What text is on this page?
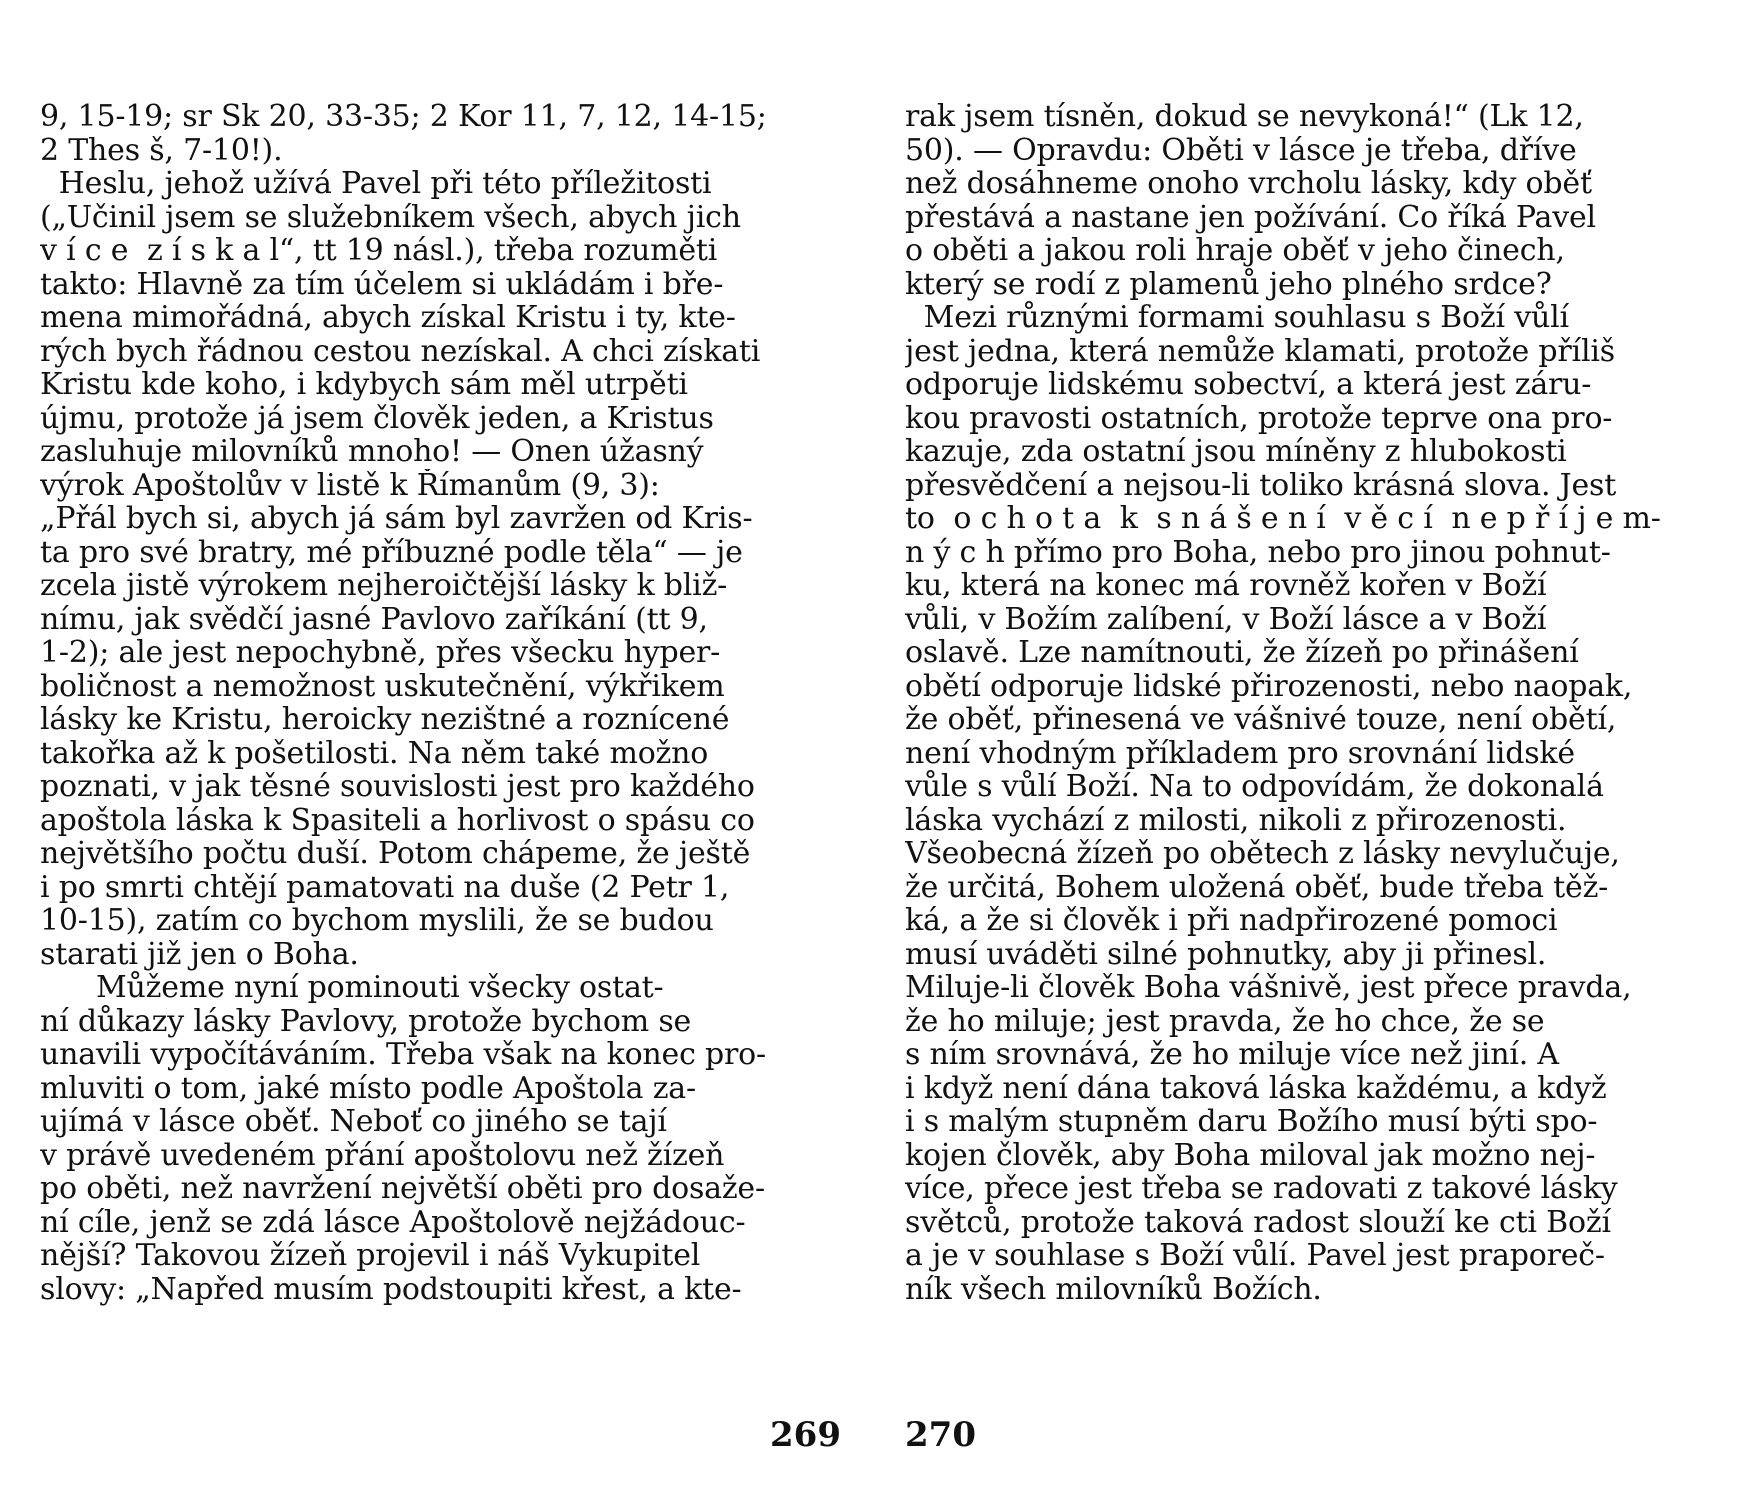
9, 15-19; sr Sk 20, 33-35; 2 Kor 11, 7, 12, 14-15;
2 Thes š, 7-10!).
Heslu, jehož užívá Pavel při této příležitosti
(„Učinil jsem se služebníkem všech, abych jich
v í c e  z í s k a l“, tt 19 násl.), třeba rozuměti
takto: Hlavně za tím účelem si ukládám i bře-
mena mimořádná, abych získal Kristu i ty, kte-
rých bych řádnou cestou nezískal. A chci získati
Kristu kde koho, i kdybych sám měl utrpěti
újmu, protože já jsem člověk jeden, a Kristus
zasluhuje milovníků mnoho! — Onen úžasný
výrok Apoštolův v listě k Římanům (9, 3):
„Přál bych si, abych já sám byl zavržen od Kris-
ta pro své bratry, mé příbuzné podle těla“ — je
zcela jistě výrokem nejheroičtější lásky k bliž-
nímu, jak svědčí jasné Pavlovo zaříkání (tt 9,
1-2); ale jest nepochybně, přes všecku hyper-
boličnost a nemožnost uskutečnění, výkřikem
lásky ke Kristu, heroicky nezištné a roznícené
takořka až k pošetilosti. Na něm také možno
poznati, v jak těsné souvislosti jest pro každého
apoštola láska k Spasiteli a horlivost o spásu co
největšího počtu duší. Potom chápeme, že ještě
i po smrti chtějí pamatovati na duše (2 Petr 1,
10-15), zatím co bychom myslili, že se budou
starati již jen o Boha.
Můžeme nyní pominouti všecky ostat-
ní důkazy lásky Pavlovy, protože bychom se
unavili vypočítáváním. Třeba však na konec pro-
mluviti o tom, jaké místo podle Apoštola za-
ujímá v lásce oběť. Neboť co jiného se tají
v právě uvedeném přání apoštolovu než žízeň
po oběti, než navržení největší oběti pro dosaže-
ní cíle, jenž se zdá lásce Apoštolově nejžádouc-
nější? Takovou žízeň projevil i náš Vykupitel
slovy: „Napřed musím podstoupiti křest, a kte-
269
rak jsem tísněn, dokud se nevykoná!“ (Lk 12,
50). — Opravdu: Oběti v lásce je třeba, dříve
než dosáhneme onoho vrcholu lásky, kdy oběť
přestává a nastane jen požívání. Co říká Pavel
o oběti a jakou roli hraje oběť v jeho činech,
který se rodí z plamenů jeho plného srdce?
Mezi různými formami souhlasu s Boží vůlí
jest jedna, která nemůže klamati, protože příliš
odporuje lidskému sobectví, a která jest záru-
kou pravosti ostatních, protože teprve ona pro-
kazuje, zda ostatní jsou míněny z hlubokosti
přesvědčení a nejsou-li toliko krásná slova. Jest
to  o c h o t a  k  s n á š e n í  v ě c í  n e p ř í j e m-
n ý c h přímo pro Boha, nebo pro jinou pohnut-
ku, která na konec má rovněž kořen v Boží
vůli, v Božím zalíbení, v Boží lásce a v Boží
oslavě. Lze namítnouti, že žízeň po přinášení
obětí odporuje lidské přirozenosti, nebo naopak,
že oběť, přinesená ve vášnivé touze, není obětí,
není vhodným příkladem pro srovnání lidské
vůle s vůlí Boží. Na to odpovídám, že dokonalá
láska vychází z milosti, nikoli z přirozenosti.
Všeobecná žízeň po obětech z lásky nevylučuje,
že určitá, Bohem uložená oběť, bude třeba těž-
ká, a že si člověk i při nadpřirozené pomoci
musí uváděti silné pohnutky, aby ji přinesl.
Miluje-li člověk Boha vášnivě, jest přece pravda,
že ho miluje; jest pravda, že ho chce, že se
s ním srovnává, že ho miluje více než jiní. A
i když není dána taková láska každému, a když
i s malým stupněm daru Božího musí býti spo-
kojen člověk, aby Boha miloval jak možno nej-
více, přece jest třeba se radovati z takové lásky
světců, protože taková radost slouží ke cti Boží
a je v souhlase s Boží vůlí. Pavel jest praporeč-
ník všech milovníků Božích.
270
